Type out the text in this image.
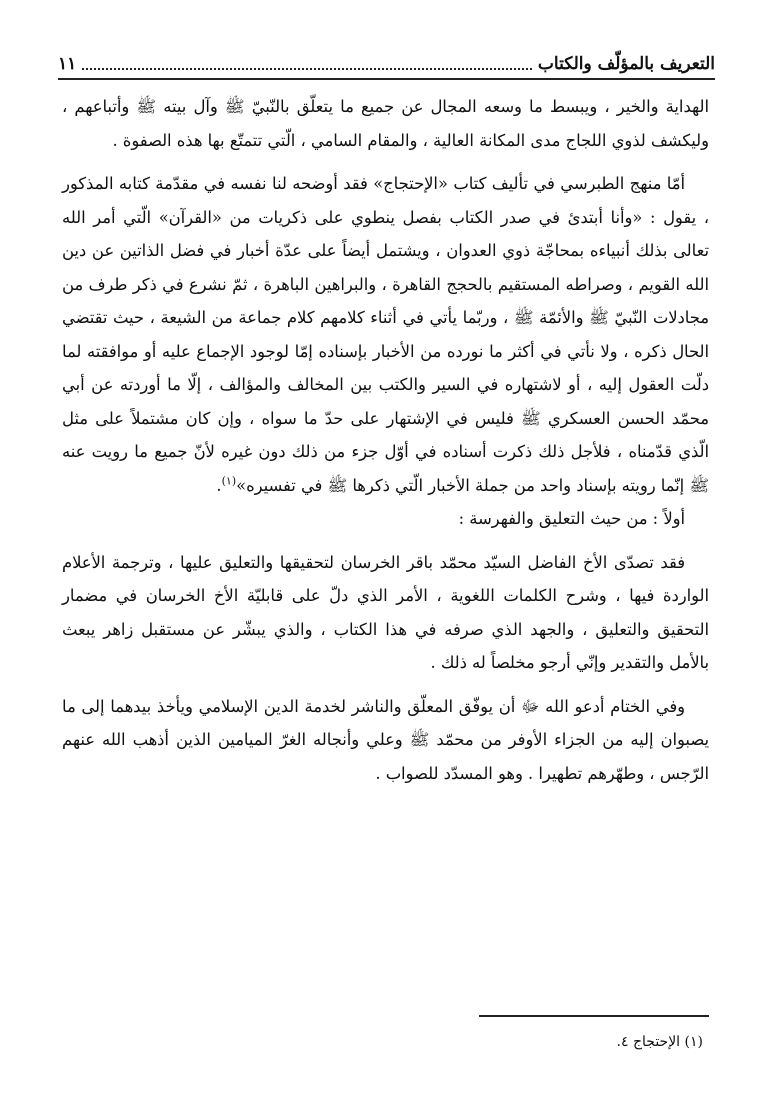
التعريف بالمؤلّف والكتاب
١١

الهداية والخير ، ويبسط ما وسعه المجال عن جميع ما يتعلّق بالنّبيّ ﷺ وآل بيته ﷺ وأتباعهم ، وليكشف لذوي اللجاج مدى المكانة العالية ، والمقام السامي ، الّتي تتمتّع بها هذه الصفوة .

أمّا منهج الطبرسي في تأليف كتاب «الإحتجاج» فقد أوضحه لنا نفسه في مقدّمة كتابه المذكور ، يقول : «وأنا أبتدئ في صدر الكتاب بفصل ينطوي على ذكريات من «القرآن» الّتي أمر الله تعالى بذلك أنبياءه بمحاجّة ذوي العدوان ، ويشتمل أيضاً على عدّة أخبار في فضل الذاتين عن دين الله القويم ، وصراطه المستقيم بالحجج القاهرة ، والبراهين الباهرة ، ثمّ نشرع في ذكر طرف من مجادلات النّبيّ ﷺ والأئمّة ﷺ ، وربّما يأتي في أثناء كلامهم كلام جماعة من الشيعة ، حيث تقتضي الحال ذكره ، ولا نأتي في أكثر ما نورده من الأخبار بإسناده إمّا لوجود الإجماع عليه أو موافقته لما دلّت العقول إليه ، أو لاشتهاره في السير والكتب بين المخالف والمؤالف ، إلّا ما أوردته عن أبي محمّد الحسن العسكري ﷺ فليس في الإشتهار على حدّ ما سواه ، وإن كان مشتملاً على مثل الّذي قدّمناه ، فلأجل ذلك ذكرت أسناده في أوّل جزء من ذلك دون غيره لأنّ جميع ما رويت عنه ﷺ إنّما رويته بإسناد واحد من جملة الأخبار الّتي ذكرها ﷺ في تفسيره»$^{(١)}$.

أولاً : من حيث التعليق والفهرسة :

فقد تصدّى الأخ الفاضل السيّد محمّد باقر الخرسان لتحقيقها والتعليق عليها ، وترجمة الأعلام الواردة فيها ، وشرح الكلمات اللغوية ، الأمر الذي دلّ على قابليّة الأخ الخرسان في مضمار التحقيق والتعليق ، والجهد الذي صرفه في هذا الكتاب ، والذي يبشّر عن مستقبل زاهر يبعث بالأمل والتقدير وإنّي أرجو مخلصاً له ذلك .

وفي الختام أدعو الله ﷻ أن يوفّق المعلّق والناشر لخدمة الدين الإسلامي ويأخذ بيدهما إلى ما يصبوان إليه من الجزاء الأوفر من محمّد ﷺ وعلي وأنجاله الغرّ الميامين الذين أذهب الله عنهم الرّجس ، وطهّرهم تطهيرا . وهو المسدّد للصواب .

(١) الإحتجاج ٤.
